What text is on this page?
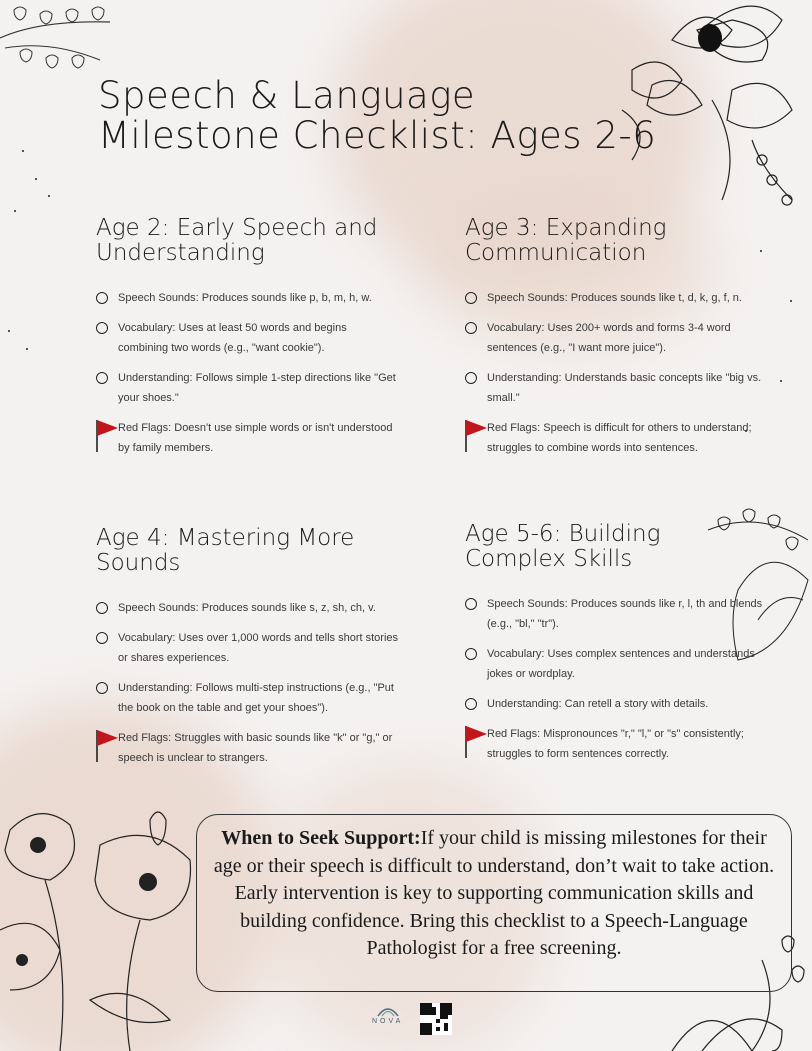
Speech & Language
Milestone Checklist: Ages 2-6
Age 2: Early Speech and Understanding
Speech Sounds: Produces sounds like p, b, m, h, w.
Vocabulary: Uses at least 50 words and begins combining two words (e.g., "want cookie").
Understanding: Follows simple 1-step directions like "Get your shoes."
Red Flags: Doesn't use simple words or isn't understood by family members.
Age 3: Expanding Communication
Speech Sounds: Produces sounds like t, d, k, g, f, n.
Vocabulary: Uses 200+ words and forms 3-4 word sentences (e.g., "I want more juice").
Understanding: Understands basic concepts like "big vs. small."
Red Flags: Speech is difficult for others to understand; struggles to combine words into sentences.
Age 4: Mastering More Sounds
Speech Sounds: Produces sounds like s, z, sh, ch, v.
Vocabulary: Uses over 1,000 words and tells short stories or shares experiences.
Understanding: Follows multi-step instructions (e.g., "Put the book on the table and get your shoes").
Red Flags: Struggles with basic sounds like "k" or "g," or speech is unclear to strangers.
Age 5-6: Building Complex Skills
Speech Sounds: Produces sounds like r, l, th and blends (e.g., "bl," "tr").
Vocabulary: Uses complex sentences and understands jokes or wordplay.
Understanding: Can retell a story with details.
Red Flags: Mispronounces "r," "l," or "s" consistently; struggles to form sentences correctly.
When to Seek Support:If your child is missing milestones for their age or their speech is difficult to understand, don’t wait to take action. Early intervention is key to supporting communication skills and building confidence. Bring this checklist to a Speech-Language Pathologist for a free screening.
NOVA
